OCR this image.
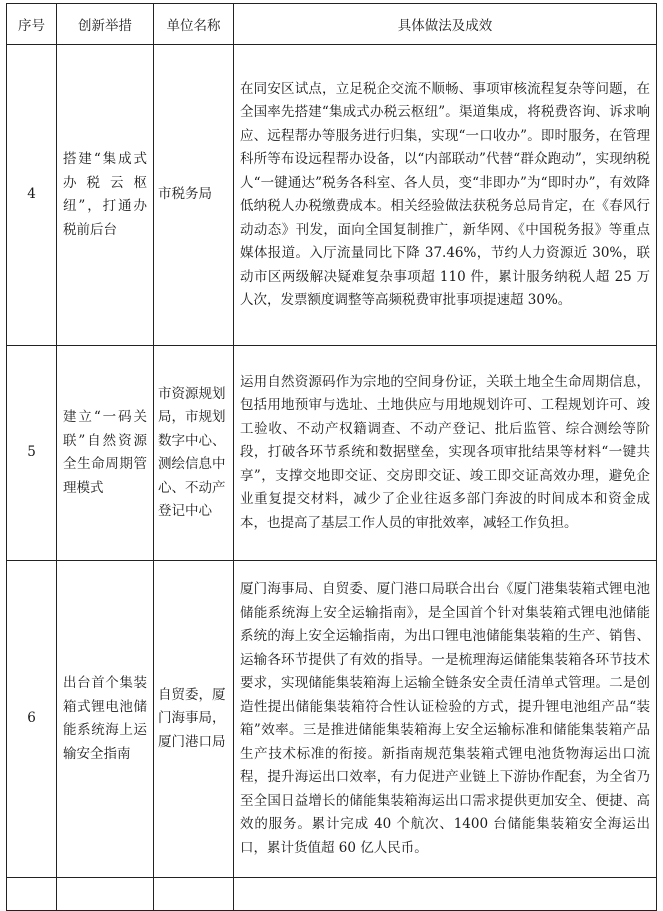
序号	创新举措	单位名称	具体做法及成效
4	搭建“集成式办税云枢纽”，打通办税前后台	市税务局	在同安区试点，立足税企交流不顺畅、事项审核流程复杂等问题，在全国率先搭建“集成式办税云枢纽”。渠道集成，将税费咨询、诉求响应、远程帮办等服务进行归集，实现“一口收办”。即时服务，在管理科所等布设远程帮办设备，以“内部联动”代替“群众跑动”，实现纳税人“一键通达”税务各科室、各人员，变“非即办”为“即时办”，有效降低纳税人办税缴费成本。相关经验做法获税务总局肯定，在《春风行动动态》刊发，面向全国复制推广，新华网、《中国税务报》等重点媒体报道。入厅流量同比下降 37.46%，节约人力资源近 30%，联动市区两级解决疑难复杂事项超 110 件，累计服务纳税人超 25 万人次，发票额度调整等高频税费审批事项提速超 30%。
5	建立“一码关联”自然资源全生命周期管理模式	市资源规划局，市规划数字中心、测绘信息中心、不动产登记中心	运用自然资源码作为宗地的空间身份证，关联土地全生命周期信息，包括用地预审与选址、土地供应与用地规划许可、工程规划许可、竣工验收、不动产权籍调查、不动产登记、批后监管、综合测绘等阶段，打破各环节系统和数据壁垒，实现各项审批结果等材料“一键共享”，支撑交地即交证、交房即交证、竣工即交证高效办理，避免企业重复提交材料，减少了企业往返多部门奔波的时间成本和资金成本，也提高了基层工作人员的审批效率，减轻工作负担。
6	出台首个集装箱式锂电池储能系统海上运输安全指南	自贸委，厦门海事局，厦门港口局	厦门海事局、自贸委、厦门港口局联合出台《厦门港集装箱式锂电池储能系统海上安全运输指南》，是全国首个针对集装箱式锂电池储能系统的海上安全运输指南，为出口锂电池储能集装箱的生产、销售、运输各环节提供了有效的指导。一是梳理海运储能集装箱各环节技术要求，实现储能集装箱海上运输全链条安全责任清单式管理。二是创造性提出储能集装箱符合性认证检验的方式，提升锂电池组产品“装箱”效率。三是推进储能集装箱海上安全运输标准和储能集装箱产品生产技术标准的衔接。新指南规范集装箱式锂电池货物海运出口流程，提升海运出口效率，有力促进产业链上下游协作配套，为全省乃至全国日益增长的储能集装箱海运出口需求提供更加安全、便捷、高效的服务。累计完成 40 个航次、1400 台储能集装箱安全海运出口，累计货值超 60 亿人民币。
